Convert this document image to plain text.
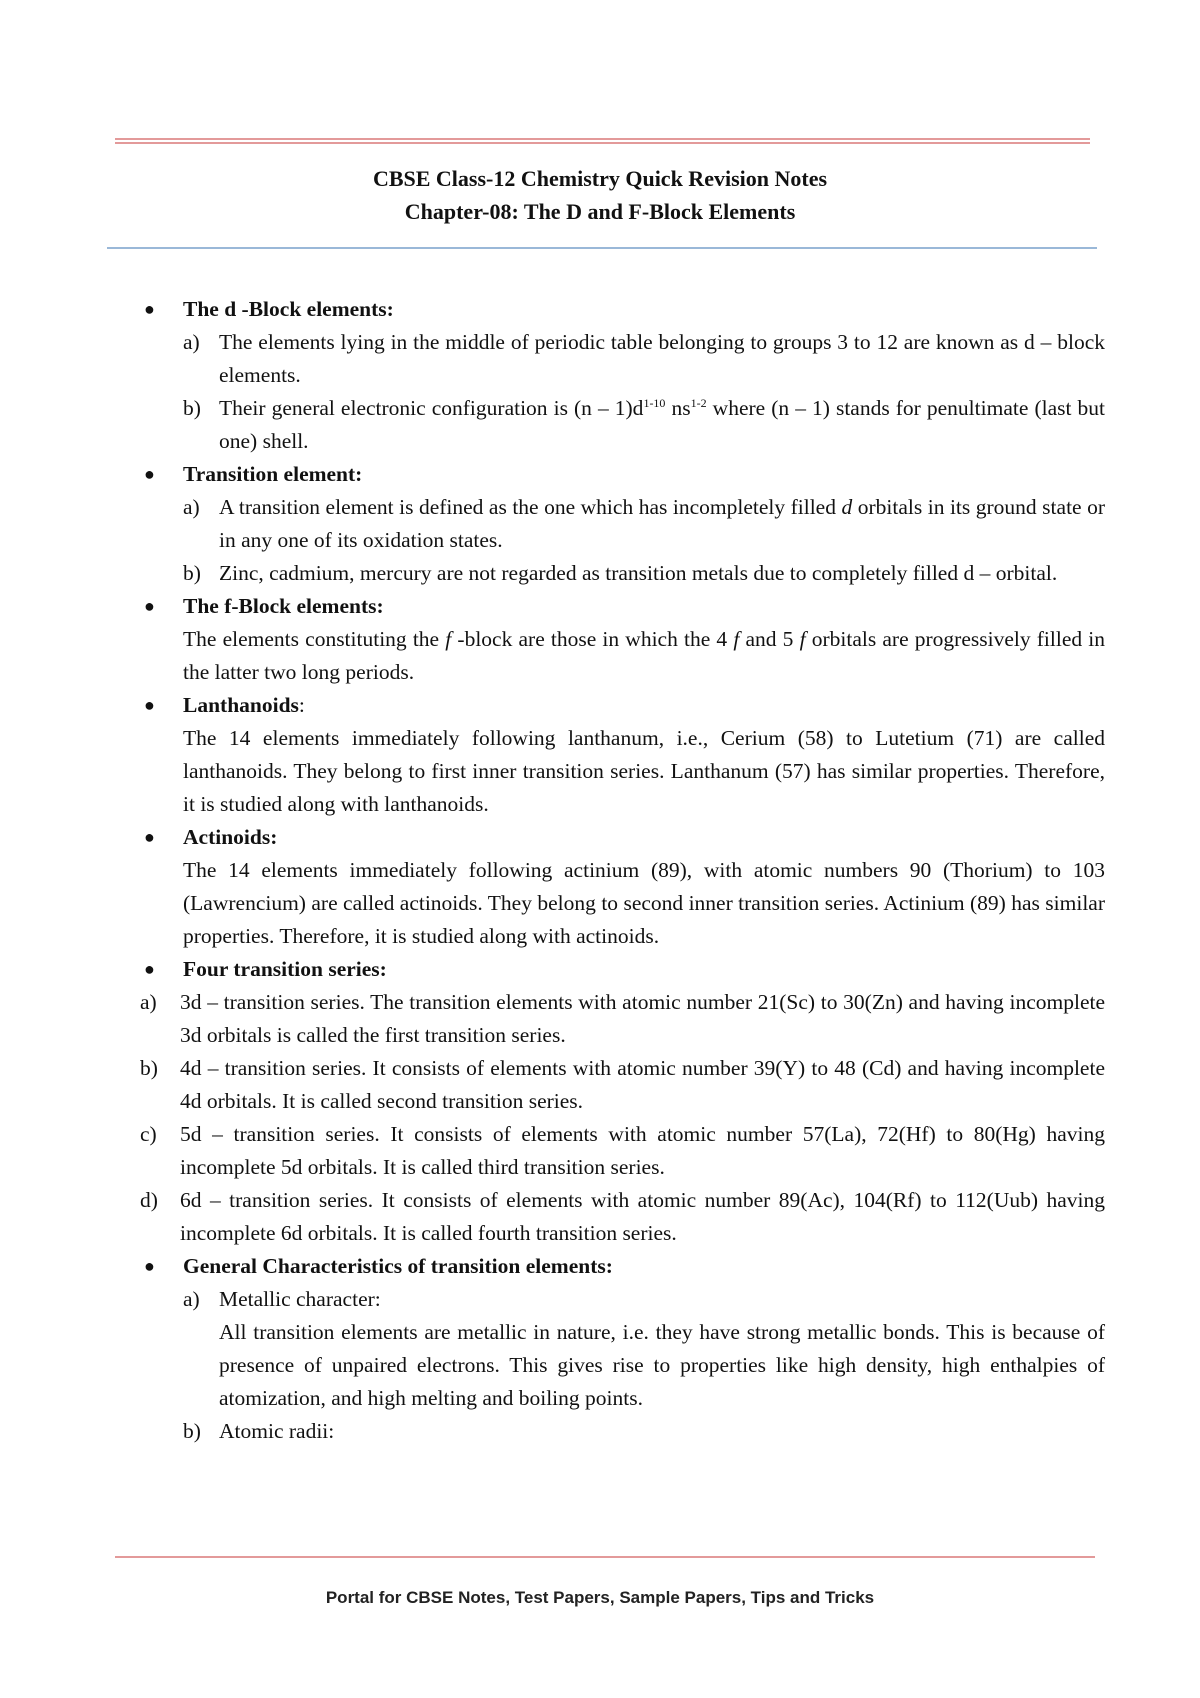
CBSE Class-12 Chemistry Quick Revision Notes
Chapter-08: The D and F-Block Elements
● The d -Block elements:
a) The elements lying in the middle of periodic table belonging to groups 3 to 12 are known as d – block elements.
b) Their general electronic configuration is $(n - 1)d^{1-10}$ $ns^{1-2}$ where (n – 1) stands for penultimate (last but one) shell.
● Transition element:
a) A transition element is defined as the one which has incompletely filled d orbitals in its ground state or in any one of its oxidation states.
b) Zinc, cadmium, mercury are not regarded as transition metals due to completely filled d – orbital.
● The f-Block elements:
The elements constituting the f -block are those in which the 4 f and 5 f orbitals are progressively filled in the latter two long periods.
● Lanthanoids:
The 14 elements immediately following lanthanum, i.e., Cerium (58) to Lutetium (71) are called lanthanoids. They belong to first inner transition series. Lanthanum (57) has similar properties. Therefore, it is studied along with lanthanoids.
● Actinoids:
The 14 elements immediately following actinium (89), with atomic numbers 90 (Thorium) to 103 (Lawrencium) are called actinoids. They belong to second inner transition series. Actinium (89) has similar properties. Therefore, it is studied along with actinoids.
● Four transition series:
a) 3d – transition series. The transition elements with atomic number 21(Sc) to 30(Zn) and having incomplete 3d orbitals is called the first transition series.
b) 4d – transition series. It consists of elements with atomic number 39(Y) to 48 (Cd) and having incomplete 4d orbitals. It is called second transition series.
c) 5d – transition series. It consists of elements with atomic number 57(La), 72(Hf) to 80(Hg) having incomplete 5d orbitals. It is called third transition series.
d) 6d – transition series. It consists of elements with atomic number 89(Ac), 104(Rf) to 112(Uub) having incomplete 6d orbitals. It is called fourth transition series.
● General Characteristics of transition elements:
a) Metallic character:
All transition elements are metallic in nature, i.e. they have strong metallic bonds. This is because of presence of unpaired electrons. This gives rise to properties like high density, high enthalpies of atomization, and high melting and boiling points.
b) Atomic radii:
Portal for CBSE Notes, Test Papers, Sample Papers, Tips and Tricks
